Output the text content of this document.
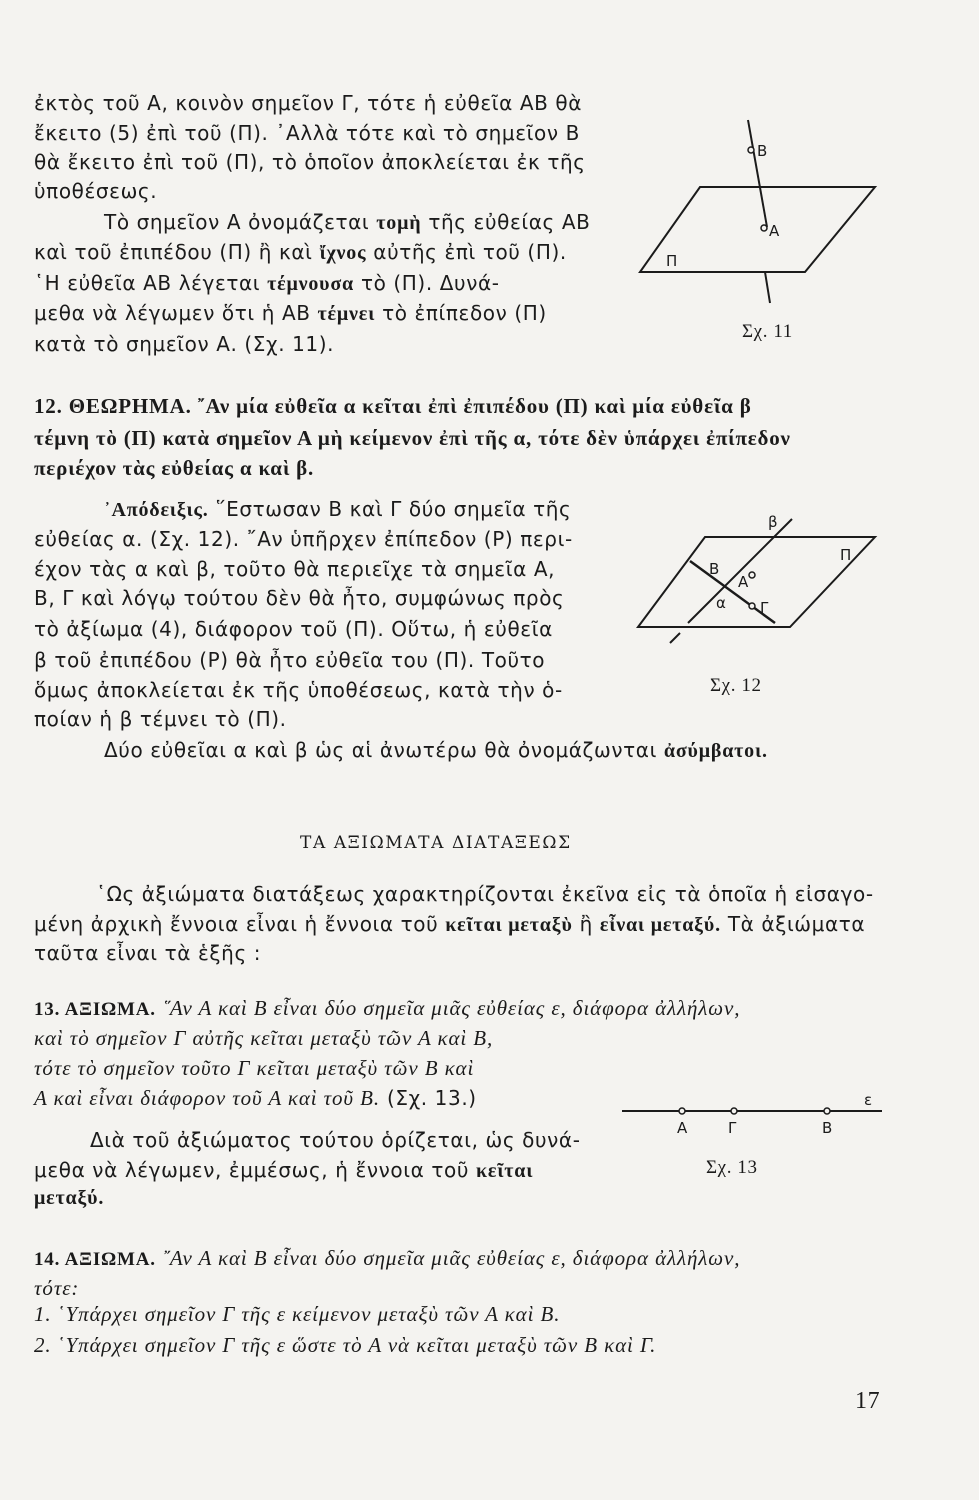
ἐκτὸς τοῦ Α, κοινὸν σημεῖον Γ, τότε ἡ εὐθεῖα ΑΒ θὰ

ἔκειτο (5) ἐπὶ τοῦ (Π). ᾿Αλλὰ τότε καὶ τὸ σημεῖον Β

θὰ ἔκειτο ἐπὶ τοῦ (Π), τὸ ὁποῖον ἀποκλείεται ἐκ τῆς

ὑποθέσεως.

Τὸ σημεῖον Α ὀνομάζεται τομὴ τῆς εὐθείας ΑΒ

καὶ τοῦ ἐπιπέδου (Π) ἢ καὶ ἴχνος αὐτῆς ἐπὶ τοῦ (Π).

῾Η εὐθεῖα ΑΒ λέγεται τέμνουσα τὸ (Π). Δυνά-

μεθα νὰ λέγωμεν ὅτι ἡ ΑΒ τέμνει τὸ ἐπίπεδον (Π)

κατὰ τὸ σημεῖον Α. (Σχ. 11).

Β
Α
Π

Σχ. 11

12. ΘΕΩΡΗΜΑ. ῎Αν μία εὐθεῖα α κεῖται ἐπὶ ἐπιπέδου (Π) καὶ μία εὐθεῖα β

τέμνη τὸ (Π) κατὰ σημεῖον Α μὴ κείμενον ἐπὶ τῆς α, τότε δὲν ὑπάρχει ἐπίπεδον

περιέχον τὰς εὐθείας α καὶ β.

᾿Απόδειξις. ῞Εστωσαν Β καὶ Γ δύο σημεῖα τῆς

εὐθείας α. (Σχ. 12). ῎Αν ὑπῆρχεν ἐπίπεδον (Ρ) περι-

έχον τὰς α καὶ β, τοῦτο θὰ περιεῖχε τὰ σημεῖα Α,

Β, Γ καὶ λόγῳ τούτου δὲν θὰ ἦτο, συμφώνως πρὸς

τὸ ἀξίωμα (4), διάφορον τοῦ (Π). Οὕτω, ἡ εὐθεῖα

β τοῦ ἐπιπέδου (Ρ) θὰ ἦτο εὐθεῖα του (Π). Τοῦτο

ὅμως ἀποκλείεται ἐκ τῆς ὑποθέσεως, κατὰ τὴν ὁ-

ποίαν ἡ β τέμνει τὸ (Π).

Δύο εὐθεῖαι α καὶ β ὡς αἱ ἀνωτέρω θὰ ὀνομάζωνται ἀσύμβατοι.

β
Π
Β
Α
α Γ

Σχ. 12

ΤΑ ΑΞΙΩΜΑΤΑ ΔΙΑΤΑΞΕΩΣ

῾Ως ἀξιώματα διατάξεως χαρακτηρίζονται ἐκεῖνα εἰς τὰ ὁποῖα ἡ εἰσαγο-

μένη ἀρχικὴ ἔννοια εἶναι ἡ ἔννοια τοῦ κεῖται μεταξὺ ἢ εἶναι μεταξύ. Τὰ ἀξιώματα

ταῦτα εἶναι τὰ ἑξῆς :

13. ΑΞΙΩΜΑ. ῞Αν Α καὶ Β εἶναι δύο σημεῖα μιᾶς εὐθείας ε, διάφορα ἀλλήλων,

καὶ τὸ σημεῖον Γ αὐτῆς κεῖται μεταξὺ τῶν Α καὶ Β,

τότε τὸ σημεῖον τοῦτο Γ κεῖται μεταξὺ τῶν Β καὶ

Α καὶ εἶναι διάφορον τοῦ Α καὶ τοῦ Β. (Σχ. 13.)

Διὰ τοῦ ἀξιώματος τούτου ὁρίζεται, ὡς δυνά-

μεθα νὰ λέγωμεν, ἐμμέσως, ἡ ἔννοια τοῦ κεῖται

μεταξύ.

ε
Α	Γ	Β

Σχ. 13

14. ΑΞΙΩΜΑ. ῎Αν Α καὶ Β εἶναι δύο σημεῖα μιᾶς εὐθείας ε, διάφορα ἀλλήλων,

τότε:

1. ῾Υπάρχει σημεῖον Γ τῆς ε κείμενον μεταξὺ τῶν Α καὶ Β.

2. ῾Υπάρχει σημεῖον Γ τῆς ε ὥστε τὸ Α νὰ κεῖται μεταξὺ τῶν Β καὶ Γ.

17
